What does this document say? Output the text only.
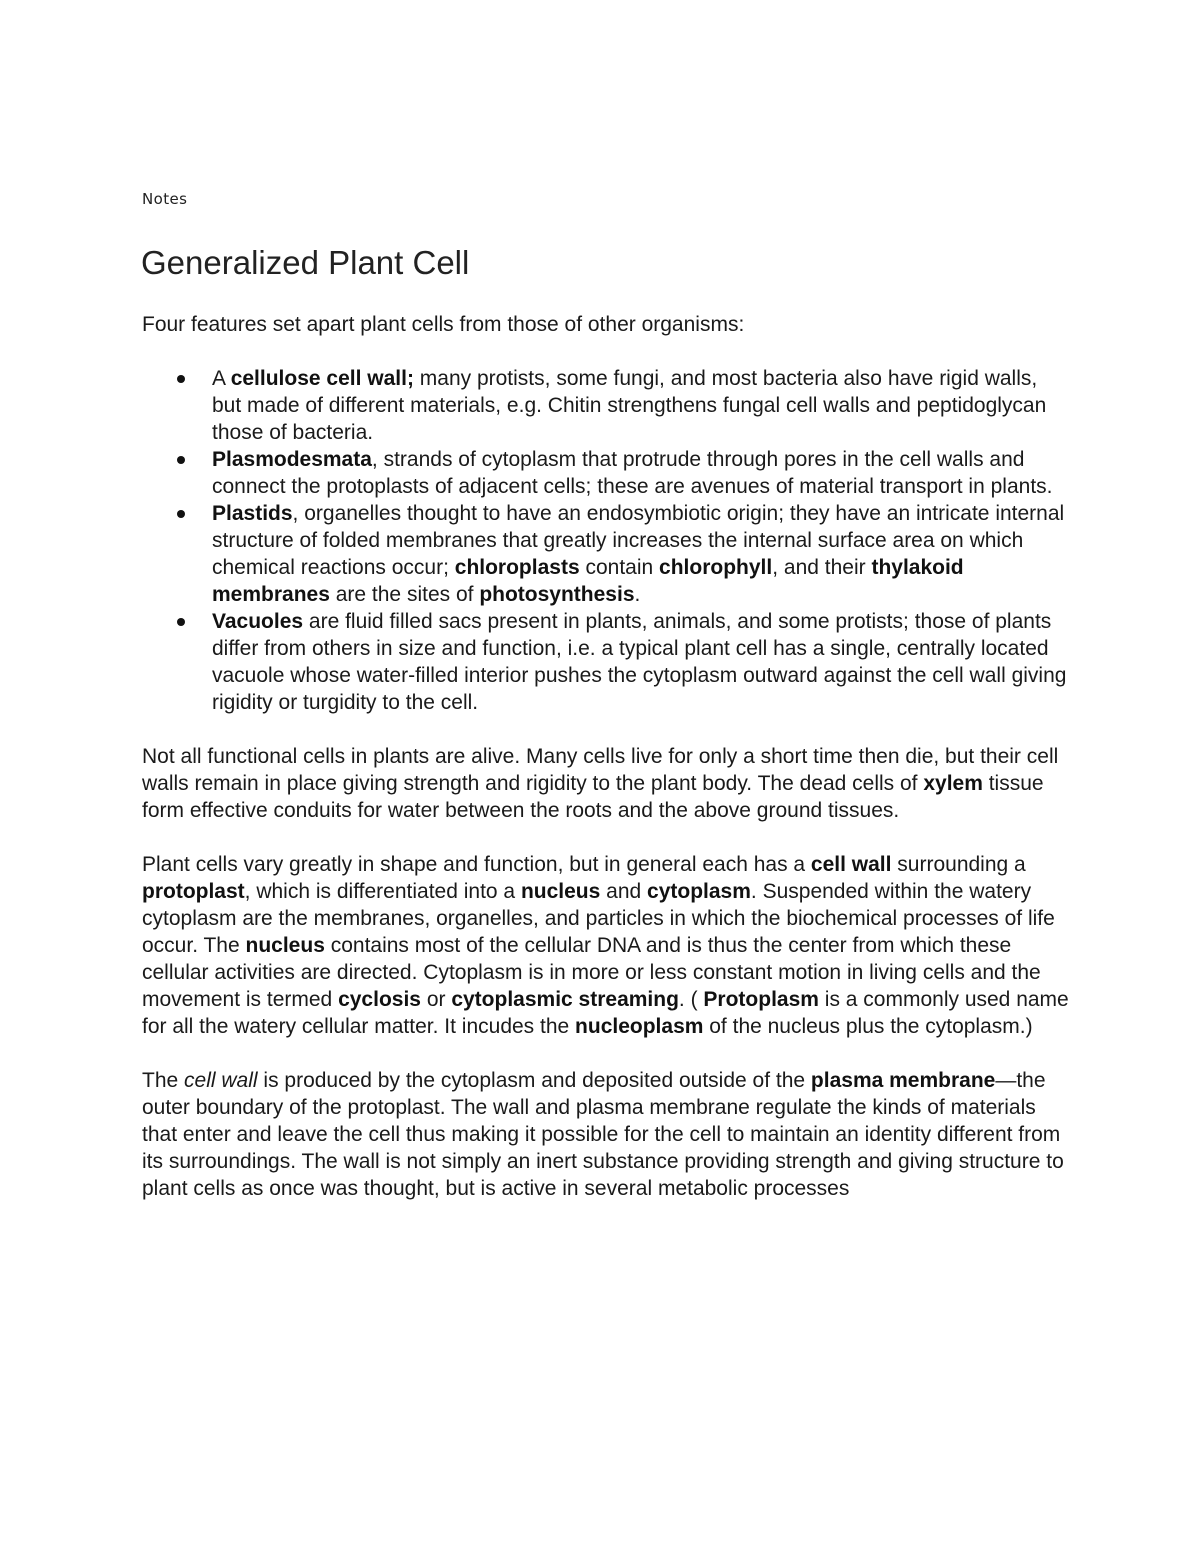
Notes
Generalized Plant Cell

Four features set apart plant cells from those of other organisms:

A cellulose cell wall; many protists, some fungi, and most bacteria also have rigid walls, but made of different materials, e.g. Chitin strengthens fungal cell walls and peptidoglycan those of bacteria.
Plasmodesmata, strands of cytoplasm that protrude through pores in the cell walls and connect the protoplasts of adjacent cells; these are avenues of material transport in plants.
Plastids, organelles thought to have an endosymbiotic origin; they have an intricate internal structure of folded membranes that greatly increases the internal surface area on which chemical reactions occur; chloroplasts contain chlorophyll, and their thylakoid membranes are the sites of photosynthesis.
Vacuoles are fluid filled sacs present in plants, animals, and some protists; those of plants differ from others in size and function, i.e. a typical plant cell has a single, centrally located vacuole whose water-filled interior pushes the cytoplasm outward against the cell wall giving rigidity or turgidity to the cell.

Not all functional cells in plants are alive. Many cells live for only a short time then die, but their cell walls remain in place giving strength and rigidity to the plant body. The dead cells of xylem tissue form effective conduits for water between the roots and the above ground tissues.

Plant cells vary greatly in shape and function, but in general each has a cell wall surrounding a protoplast, which is differentiated into a nucleus and cytoplasm. Suspended within the watery cytoplasm are the membranes, organelles, and particles in which the biochemical processes of life occur. The nucleus contains most of the cellular DNA and is thus the center from which these cellular activities are directed. Cytoplasm is in more or less constant motion in living cells and the movement is termed cyclosis or cytoplasmic streaming. ( Protoplasm is a commonly used name for all the watery cellular matter. It incudes the nucleoplasm of the nucleus plus the cytoplasm.)

The cell wall is produced by the cytoplasm and deposited outside of the plasma membrane—the outer boundary of the protoplast. The wall and plasma membrane regulate the kinds of materials that enter and leave the cell thus making it possible for the cell to maintain an identity different from its surroundings. The wall is not simply an inert substance providing strength and giving structure to plant cells as once was thought, but is active in several metabolic processes
